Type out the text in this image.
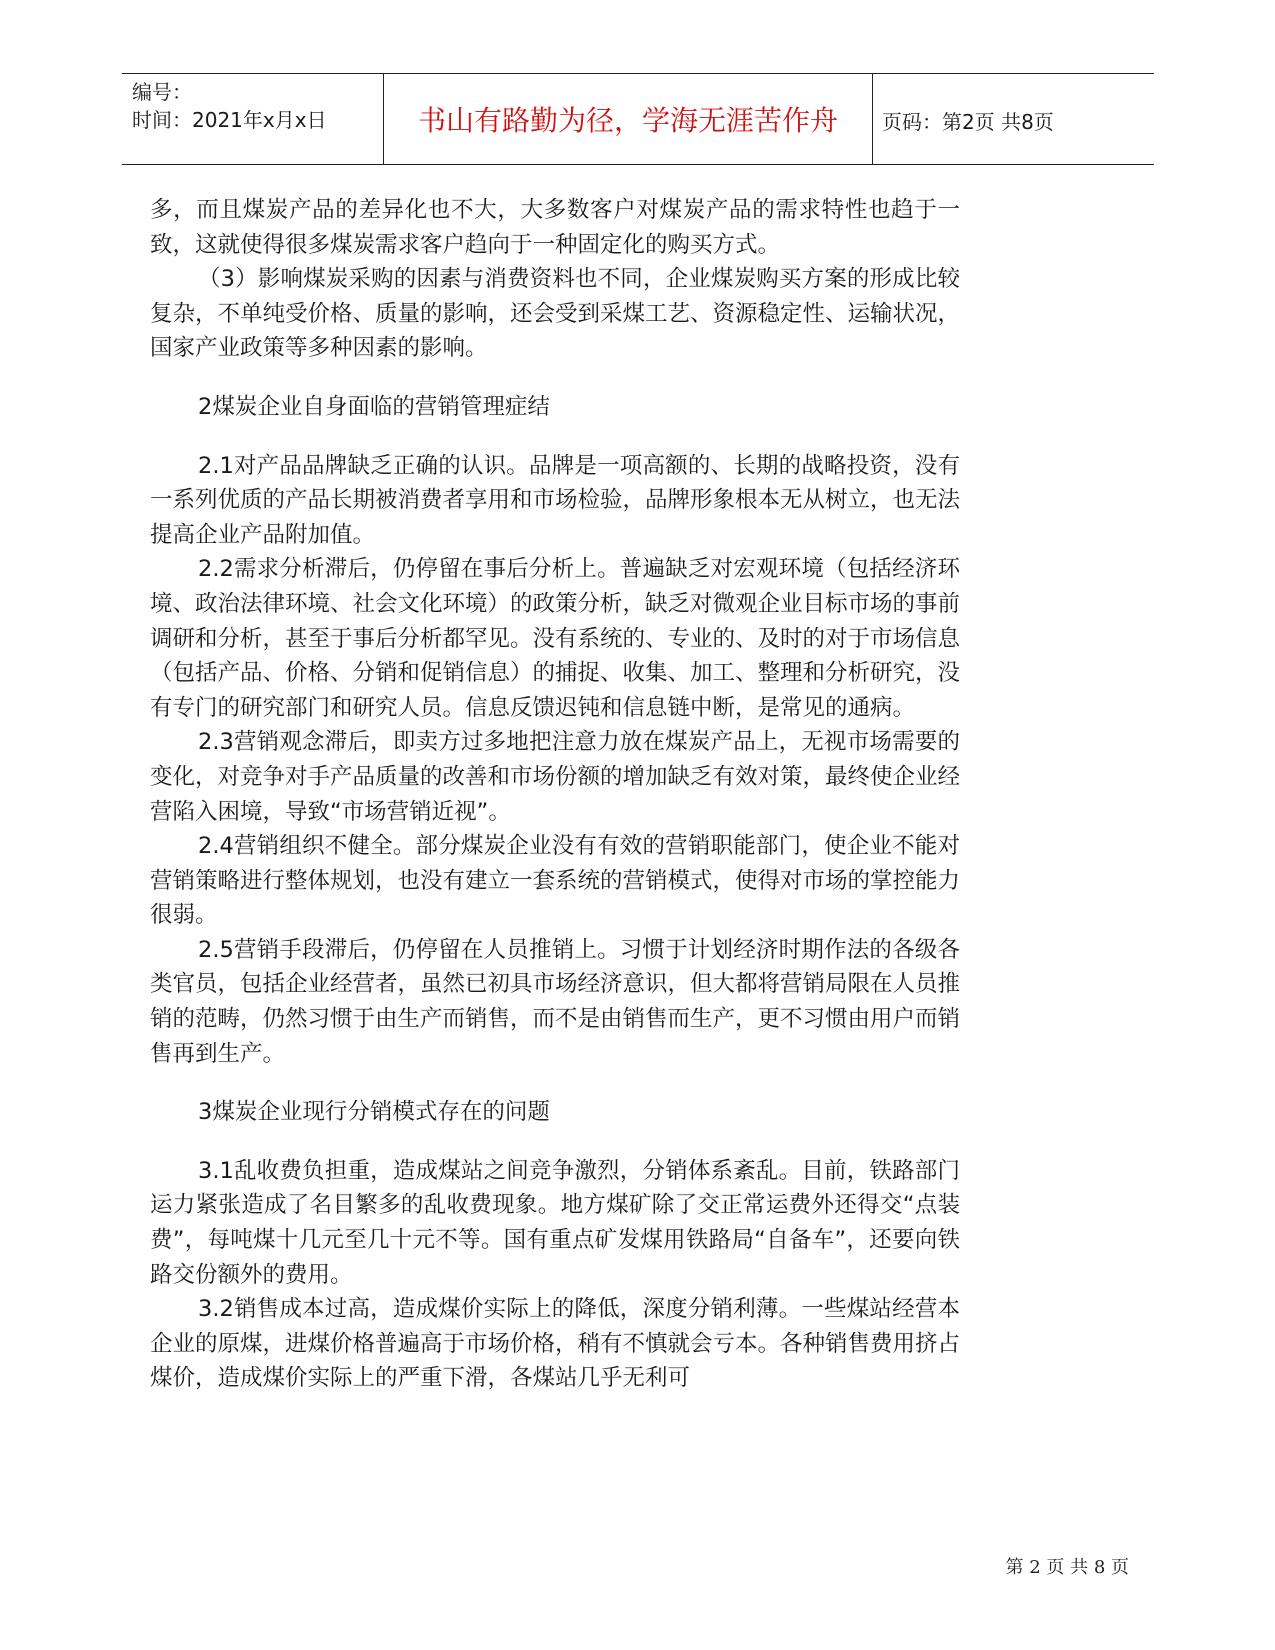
编号：
时间：2021年x月x日	书山有路勤为径，学海无涯苦作舟	页码：第2页 共8页

多，而且煤炭产品的差异化也不大，大多数客户对煤炭产品的需求特性也趋于一致，这就使得很多煤炭需求客户趋向于一种固定化的购买方式。

（3）影响煤炭采购的因素与消费资料也不同，企业煤炭购买方案的形成比较复杂，不单纯受价格、质量的影响，还会受到采煤工艺、资源稳定性、运输状况，国家产业政策等多种因素的影响。

2煤炭企业自身面临的营销管理症结

2.1对产品品牌缺乏正确的认识。品牌是一项高额的、长期的战略投资，没有一系列优质的产品长期被消费者享用和市场检验，品牌形象根本无从树立，也无法提高企业产品附加值。

2.2需求分析滞后，仍停留在事后分析上。普遍缺乏对宏观环境（包括经济环境、政治法律环境、社会文化环境）的政策分析，缺乏对微观企业目标市场的事前调研和分析，甚至于事后分析都罕见。没有系统的、专业的、及时的对于市场信息（包括产品、价格、分销和促销信息）的捕捉、收集、加工、整理和分析研究，没有专门的研究部门和研究人员。信息反馈迟钝和信息链中断，是常见的通病。

2.3营销观念滞后，即卖方过多地把注意力放在煤炭产品上，无视市场需要的变化，对竞争对手产品质量的改善和市场份额的增加缺乏有效对策，最终使企业经营陷入困境，导致“市场营销近视”。

2.4营销组织不健全。部分煤炭企业没有有效的营销职能部门，使企业不能对营销策略进行整体规划，也没有建立一套系统的营销模式，使得对市场的掌控能力很弱。

2.5营销手段滞后，仍停留在人员推销上。习惯于计划经济时期作法的各级各类官员，包括企业经营者，虽然已初具市场经济意识，但大都将营销局限在人员推销的范畴，仍然习惯于由生产而销售，而不是由销售而生产，更不习惯由用户而销售再到生产。

3煤炭企业现行分销模式存在的问题

3.1乱收费负担重，造成煤站之间竞争激烈，分销体系紊乱。目前，铁路部门运力紧张造成了名目繁多的乱收费现象。地方煤矿除了交正常运费外还得交“点装费”，每吨煤十几元至几十元不等。国有重点矿发煤用铁路局“自备车”，还要向铁路交份额外的费用。

3.2销售成本过高，造成煤价实际上的降低，深度分销利薄。一些煤站经营本企业的原煤，进煤价格普遍高于市场价格，稍有不慎就会亏本。各种销售费用挤占煤价，造成煤价实际上的严重下滑，各煤站几乎无利可

第 2 页 共 8 页
